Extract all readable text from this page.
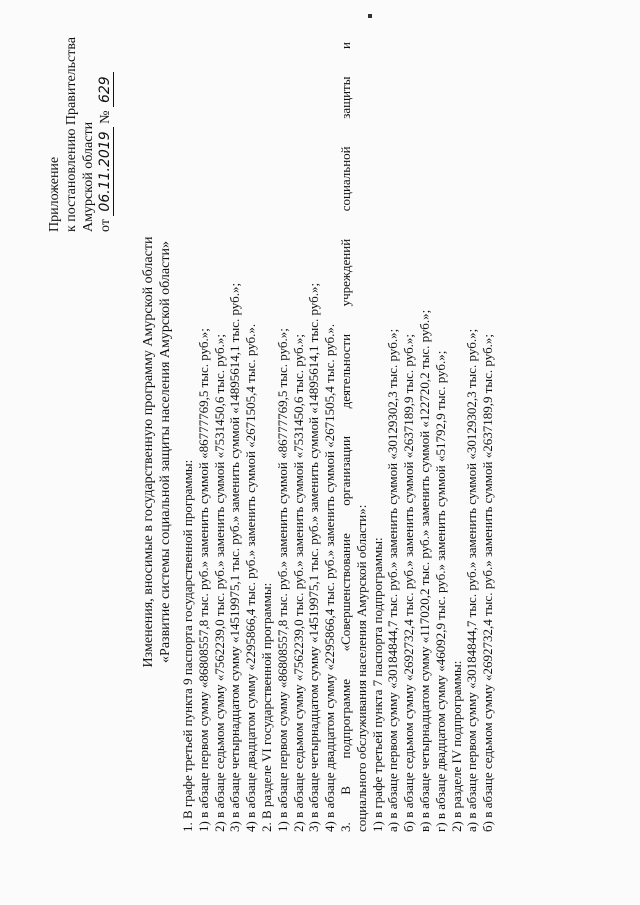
Приложение к постановлению Правительства Амурской области от 06.11.2019 № 629
Изменения, вносимые в государственную программу Амурской области «Развитие системы социальной защиты населения Амурской области» 1. В графе третьей пункта 9 паспорта государственной программы: 1) в абзаце первом сумму «86808557,8 тыс. руб.» заменить суммой «86777769,5 тыс. руб.»; 2) в абзаце седьмом сумму «7562239,0 тыс. руб.» заменить суммой «7531450,6 тыс. руб.»; 3) в абзаце четырнадцатом сумму «14519975,1 тыс. руб.» заменить суммой «14895614,1 тыс. руб.»; 4) в абзаце двадцатом сумму «2295866,4 тыс. руб.» заменить суммой «2671505,4 тыс. руб.». 2. В разделе VI государственной программы: 1) в абзаце первом сумму «86808557,8 тыс. руб.» заменить суммой «86777769,5 тыс. руб.»; 2) в абзаце седьмом сумму «7562239,0 тыс. руб.» заменить суммой «7531450,6 тыс. руб.»; 3) в абзаце четырнадцатом сумму «14519975,1 тыс. руб.» заменить суммой «14895614,1 тыс. руб.»; 4) в абзаце двадцатом сумму «2295866,4 тыс. руб.» заменить суммой «2671505,4 тыс. руб.». 3. В подпрограмме «Совершенствование организации деятельности учреждений социальной защиты и социального обслуживания населения Амурской области»: 1) в графе третьей пункта 7 паспорта подпрограммы: а) в абзаце первом сумму «30184844,7 тыс. руб.» заменить суммой «30129302,3 тыс. руб.»; б) в абзаце седьмом сумму «2692732,4 тыс. руб.» заменить суммой «2637189,9 тыс. руб.»; в) в абзаце четырнадцатом сумму «117020,2 тыс. руб.» заменить суммой «122720,2 тыс. руб.»; г) в абзаце двадцатом сумму «46092,9 тыс. руб.» заменить суммой «51792,9 тыс. руб.»; 2) в разделе IV подпрограммы: а) в абзаце первом сумму «30184844,7 тыс. руб.» заменить суммой «30129302,3 тыс. руб.»; б) в абзаце седьмом сумму «2692732,4 тыс. руб.» заменить суммой «2637189,9 тыс. руб.»;
